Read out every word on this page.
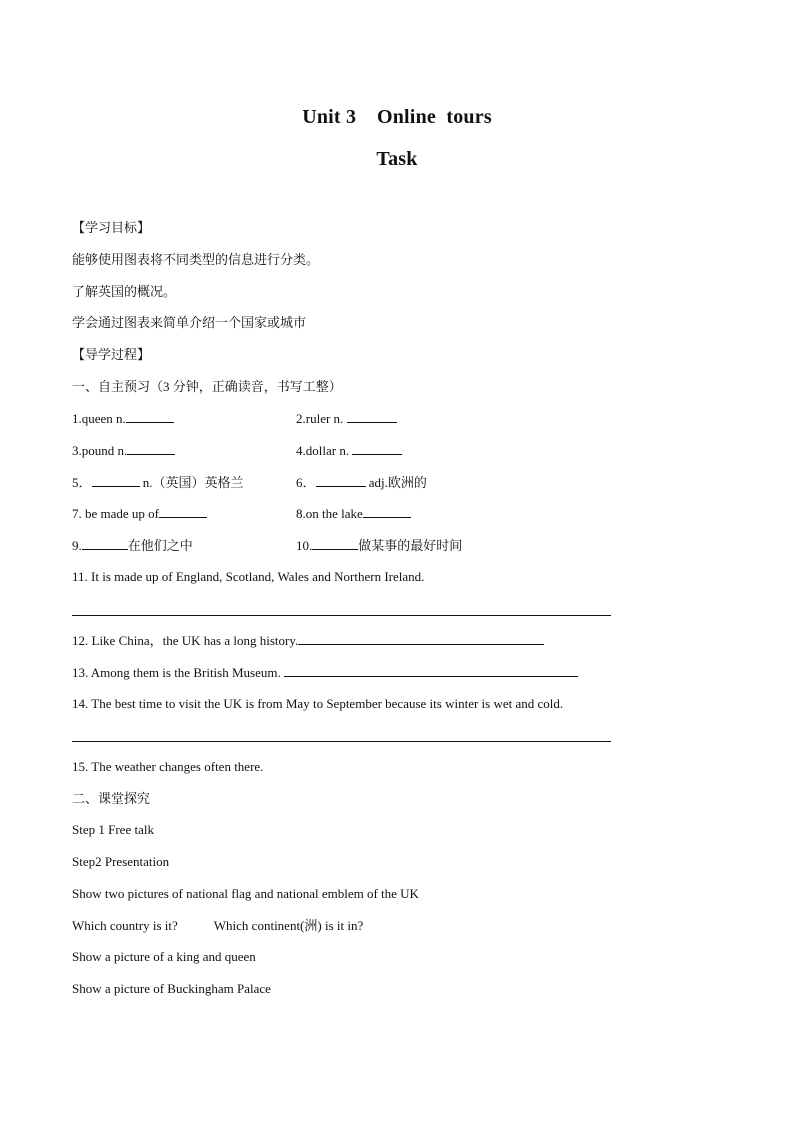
Unit 3    Online  tours
Task
【学习目标】
能够使用图表将不同类型的信息进行分类。
了解英国的概况。
学会通过图表来简单介绍一个国家或城市
【导学过程】
一、自主预习（3 分钟，正确读音，书写工整）
1.queen n.	2.ruler n.
3.pound n.	4.dollar n.
5．	n.（英国）英格兰	6．	adj.欧洲的
7. be made up of	8.on the lake
9.	在他们之中	10.	做某事的最好时间
11. It is made up of England, Scotland, Wales and Northern Ireland.
12. Like China，the UK has a long history.
13. Among them is the British Museum.
14. The best time to visit the UK is from May to September because its winter is wet and cold.
15. The weather changes often there.
二、课堂探究
Step 1 Free talk
Step2 Presentation
Show two pictures of national flag and national emblem of the UK
Which country is it?	Which continent(洲) is it in?
Show a picture of a king and queen
Show a picture of Buckingham Palace
